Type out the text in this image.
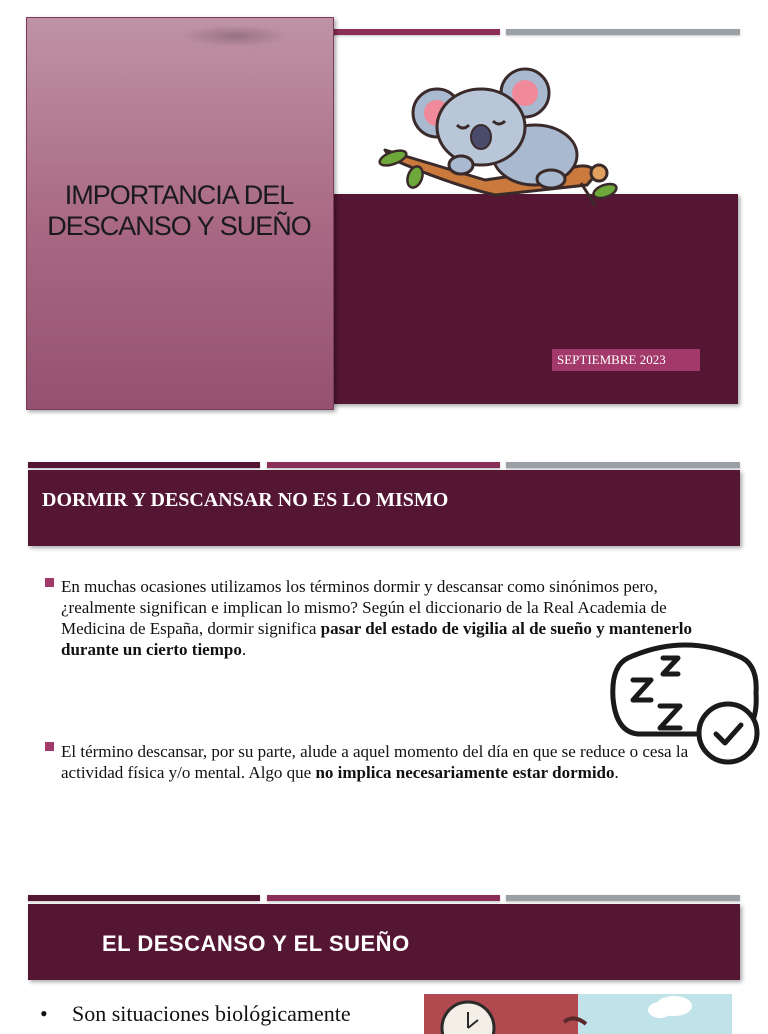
IMPORTANCIA DEL
DESCANSO Y SUEÑO
SEPTIEMBRE 2023
DORMIR Y DESCANSAR NO ES LO MISMO
En muchas ocasiones utilizamos los términos dormir y descansar como sinónimos pero, ¿realmente significan e implican lo mismo? Según el diccionario de la Real Academia de Medicina de España, dormir significa pasar del estado de vigilia al de sueño y mantenerlo durante un cierto tiempo.
El término descansar, por su parte, alude a aquel momento del día en que se reduce o cesa la actividad física y/o mental. Algo que no implica necesariamente estar dormido.
EL DESCANSO Y EL SUEÑO
• Son situaciones biológicamente
